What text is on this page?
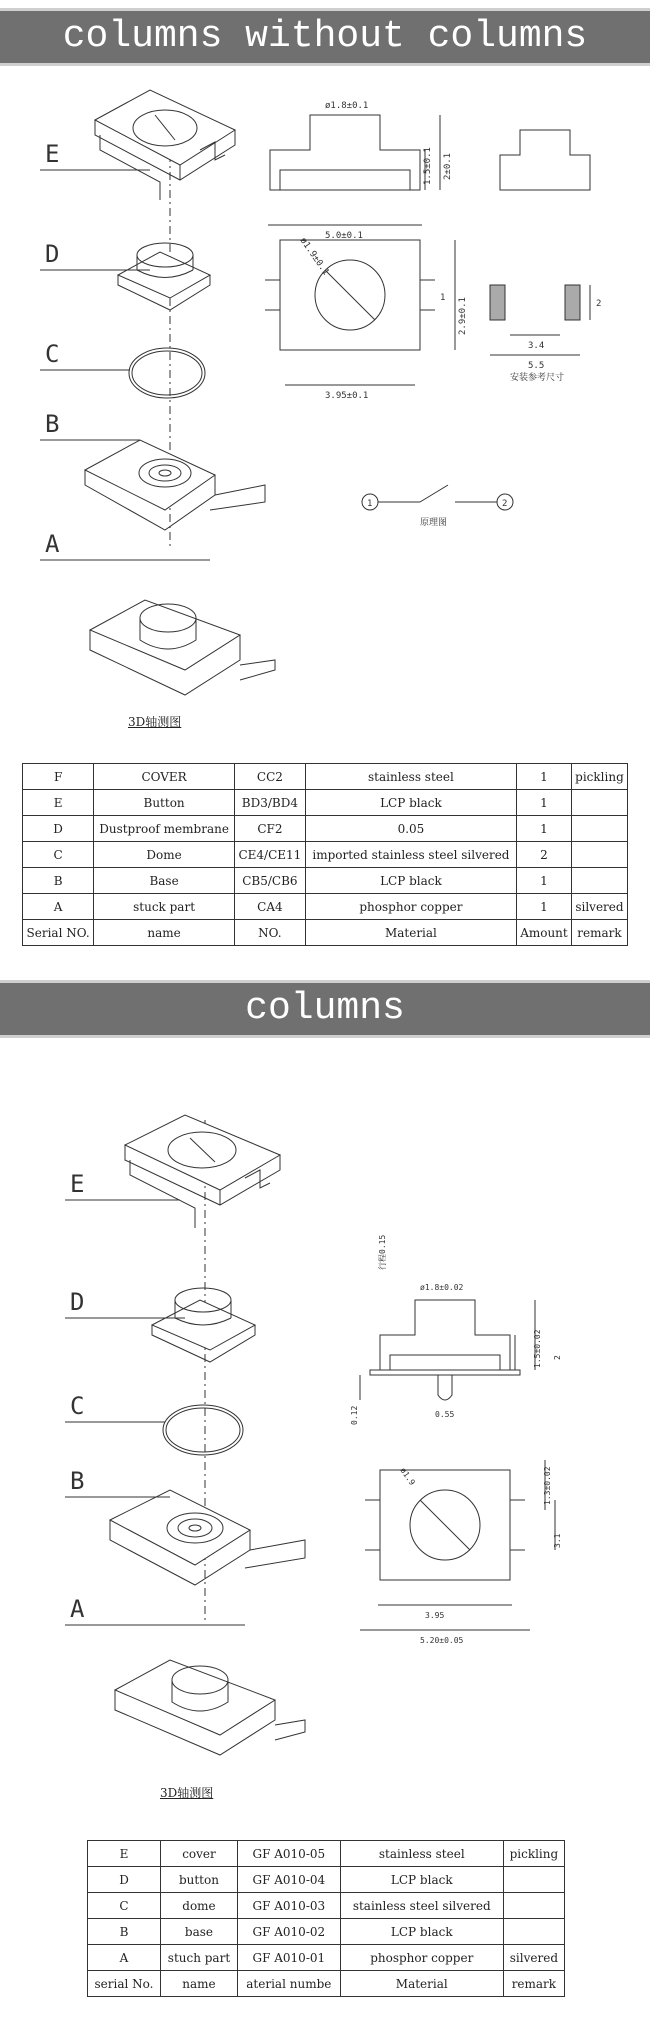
columns without columns
E
D
C
B
A
ø1.8±0.1
1.5±0.1 2±0.1
5.0±0.1
ø1.9±0.1
1 2.9±0.1
3.95±0.1
2
3.4
5.5
安装参考尺寸
1	2
原理图
3D轴测图
F	COVER	CC2	stainless steel	1	pickling
E	Button	BD3/BD4	LCP black	1	
D	Dustproof membrane	CF2	0.05	1	
C	Dome	CE4/CE11	imported stainless steel silvered	2	
B	Base	CB5/CB6	LCP black	1	
A	stuck part	CA4	phosphor copper	1	silvered
Serial NO.	name	NO.	Material	Amount	remark
columns
E
D
C
B
A
行程0.15
ø1.8±0.02
1.5±0.02 2
0.12	0.55
ø1.9	1.3±0.02
3.1
3.95
5.20±0.05
3D轴测图
E	cover	GF A010-05	stainless steel	pickling
D	button	GF A010-04	LCP black	
C	dome	GF A010-03	stainless steel silvered	
B	base	GF A010-02	LCP black	
A	stuch part	GF A010-01	phosphor copper	silvered
serial No.	name	aterial numbe	Material	remark
